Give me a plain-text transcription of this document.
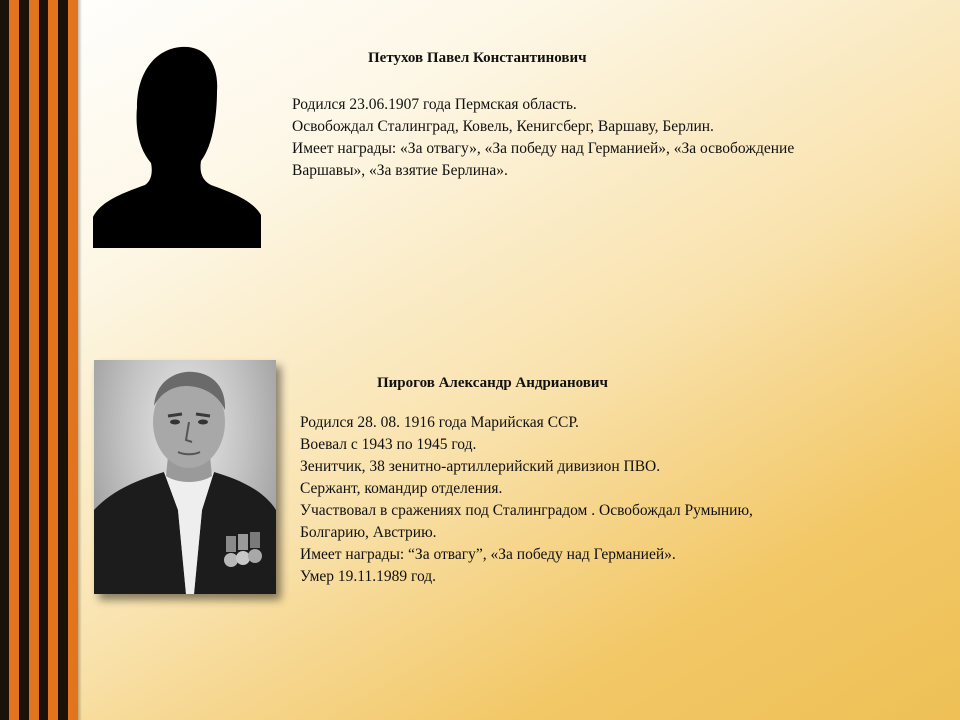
Петухов Павел Константинович
Родился 23.06.1907 года Пермская область.
Освобождал Сталинград, Ковель, Кенигсберг, Варшаву, Берлин.
Имеет награды: «За отвагу», «За победу над Германией», «За освобождение
Варшавы», «За взятие Берлина».
Пирогов Александр Андрианович
Родился 28. 08. 1916 года Марийская ССР.
Воевал с 1943 по 1945 год.
Зенитчик, 38 зенитно-артиллерийский дивизион ПВО.
Сержант, командир отделения.
Участвовал в сражениях под Сталинградом . Освобождал Румынию,
Болгарию, Австрию.
Имеет награды: “За отвагу”, «За победу над Германией».
Умер 19.11.1989 год.
